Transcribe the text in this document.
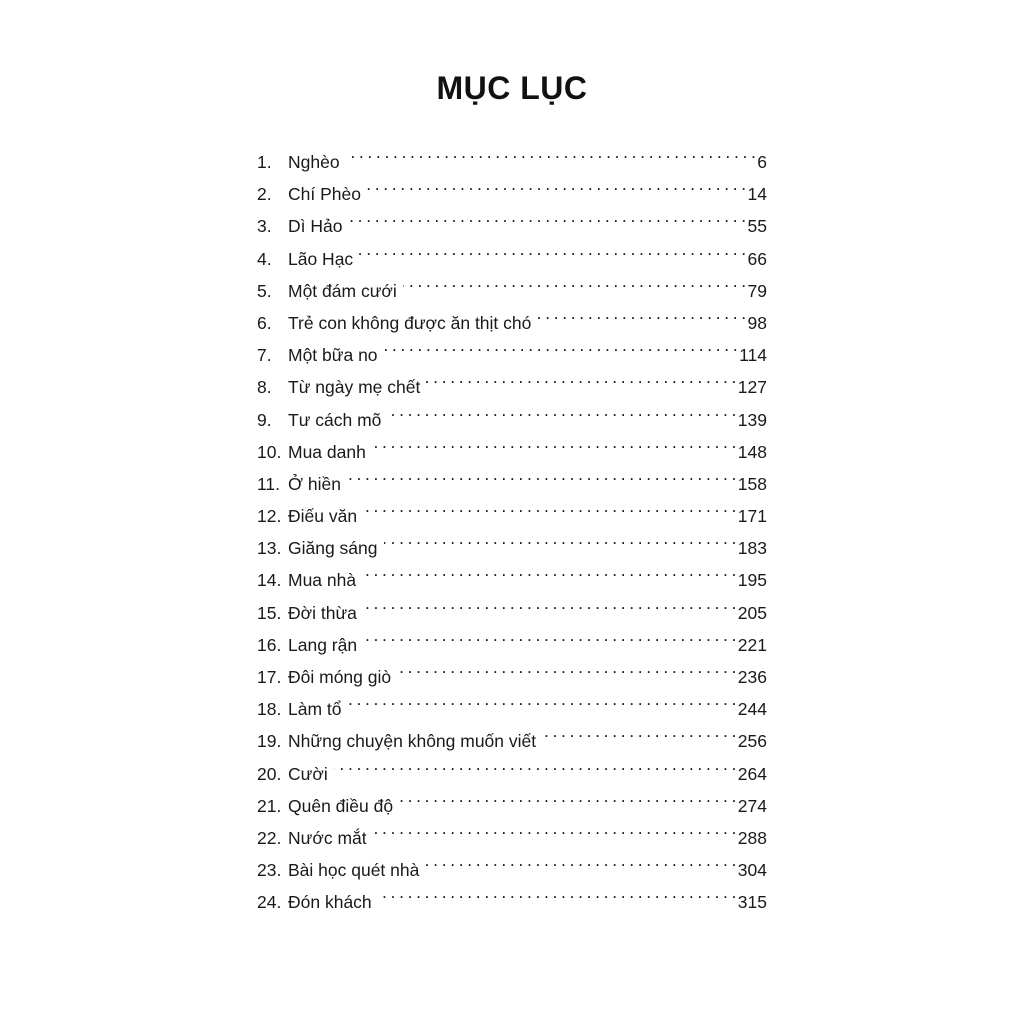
MỤC LỤC
1. Nghèo . . .	6
2. Chí Phèo . . .	14
3. Dì Hảo . . .	55
4. Lão Hạc . . .	66
5. Một đám cưới . . .	79
6. Trẻ con không được ăn thịt chó . . .	98
7. Một bữa no . . .	114
8. Từ ngày mẹ chết . . .	127
9. Tư cách mõ . . .	139
10. Mua danh . . .	148
11. Ở hiền . . .	158
12. Điếu văn . . .	171
13. Giăng sáng . . .	183
14. Mua nhà . . .	195
15. Đời thừa . . .	205
16. Lang rận . . .	221
17. Đôi móng giò . . .	236
18. Làm tổ . . .	244
19. Những chuyện không muốn viết . . .	256
20. Cười . . .	264
21. Quên điều độ . . .	274
22. Nước mắt . . .	288
23. Bài học quét nhà . . .	304
24. Đón khách . . .	315
